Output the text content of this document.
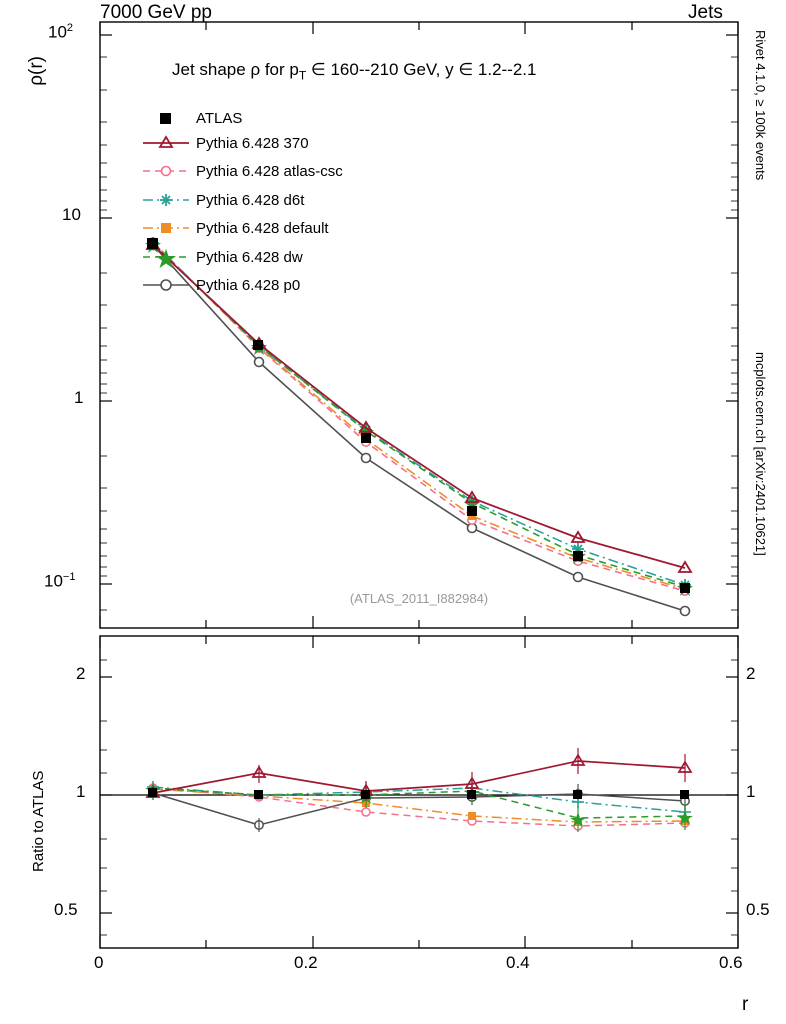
7000 GeV pp	Jets
Rivet 4.1.0, ≥ 100k events
mcplots.cern.ch [arXiv:2401.10621]
ρ(r)
Ratio to ATLAS
r
(ATLAS_2011_I882984)
$10^2$
10
1
$10^{-1}$
2
1
0.5
2
1
0.5
0	0.2	0.4	0.6
Jet shape ρ for $p_T$ ∈ 160--210 GeV, y ∈ 1.2--2.1
ATLAS
Pythia 6.428 370
Pythia 6.428 atlas-csc
Pythia 6.428 d6t
Pythia 6.428 default
Pythia 6.428 dw
Pythia 6.428 p0
